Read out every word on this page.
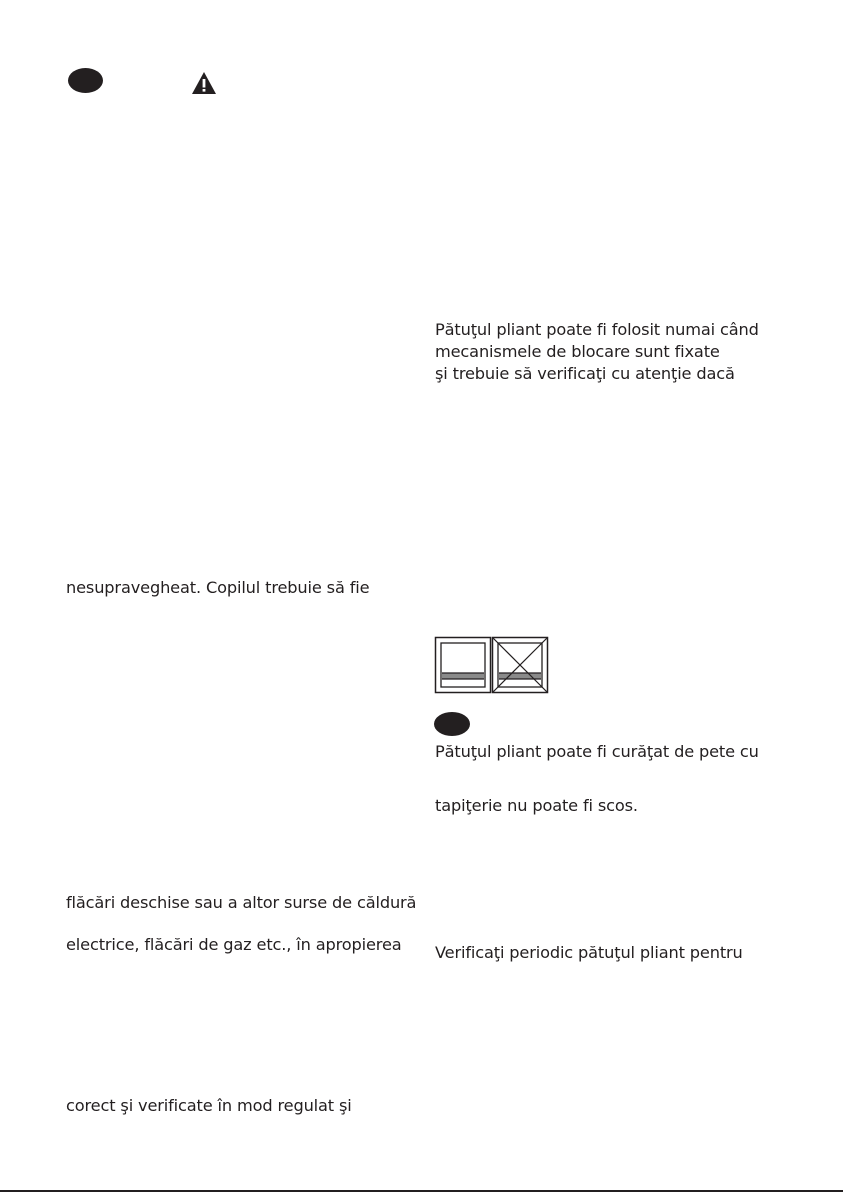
Pătuţul pliant poate fi folosit numai când
mecanismele de blocare sunt fixate
şi trebuie să verificaţi cu atenţie dacă
nesupravegheat. Copilul trebuie să fie
flăcări deschise sau a altor surse de căldură
electrice, flăcări de gaz etc., în apropierea
corect şi verificate în mod regulat şi
Pătuţul pliant poate fi curăţat de pete cu
tapiţerie nu poate fi scos.
Verificaţi periodic pătuţul pliant pentru
